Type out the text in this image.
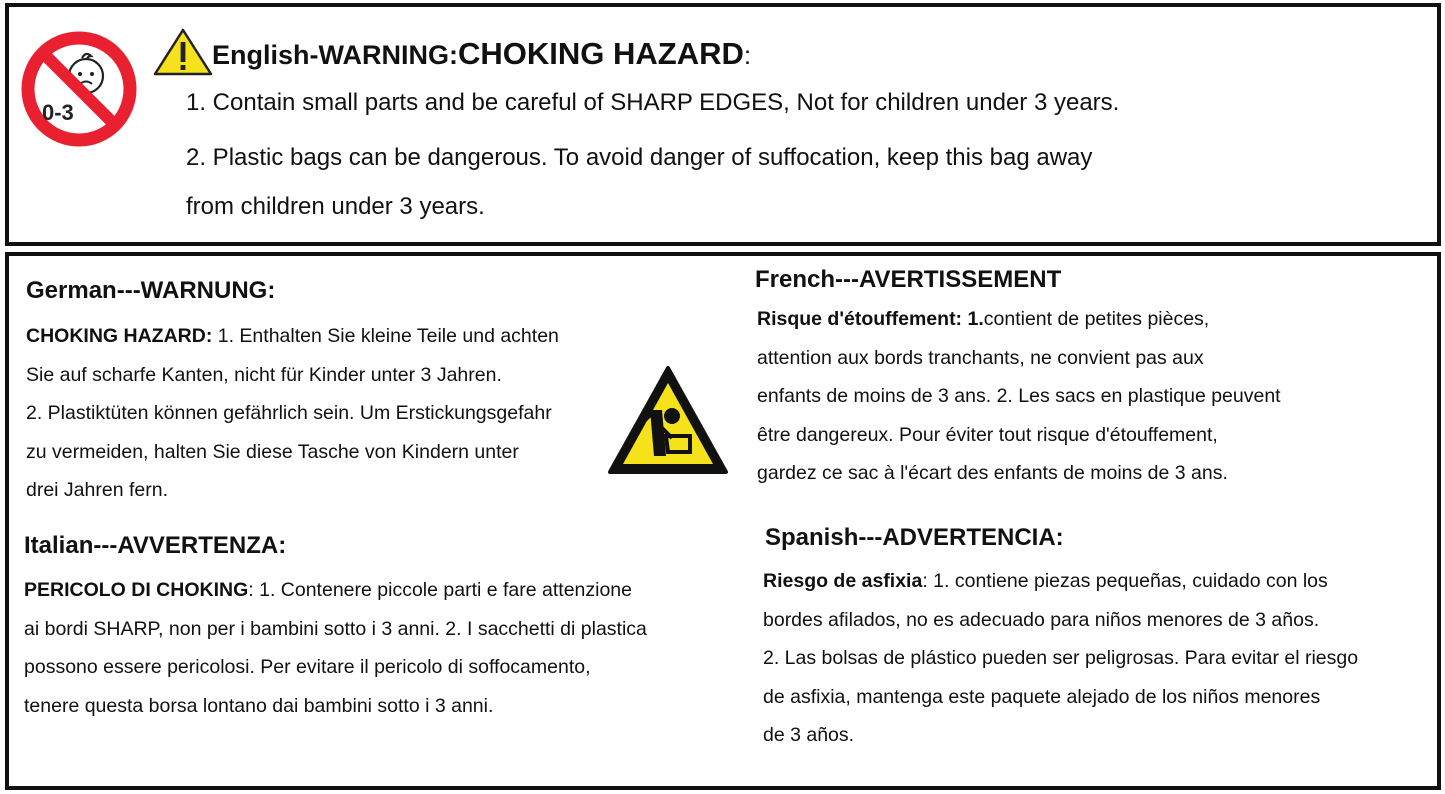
0-3
English-WARNING:CHOKING HAZARD:
1. Contain small parts and be careful of SHARP EDGES, Not for children under 3 years.
2. Plastic bags can be dangerous. To avoid danger of suffocation, keep this bag away
from children under 3 years.
German---WARNUNG:
CHOKING HAZARD: 1. Enthalten Sie kleine Teile und achten
Sie auf scharfe Kanten, nicht für Kinder unter 3 Jahren.
2. Plastiktüten können gefährlich sein. Um Erstickungsgefahr
zu vermeiden, halten Sie diese Tasche von Kindern unter
drei Jahren fern.
Italian---AVVERTENZA:
PERICOLO DI CHOKING: 1. Contenere piccole parti e fare attenzione
ai bordi SHARP, non per i bambini sotto i 3 anni. 2. I sacchetti di plastica
possono essere pericolosi. Per evitare il pericolo di soffocamento,
tenere questa borsa lontano dai bambini sotto i 3 anni.
French---AVERTISSEMENT
Risque d'étouffement: 1.contient de petites pièces,
attention aux bords tranchants, ne convient pas aux
enfants de moins de 3 ans. 2. Les sacs en plastique peuvent
être dangereux. Pour éviter tout risque d'étouffement,
gardez ce sac à l'écart des enfants de moins de 3 ans.
Spanish---ADVERTENCIA:
Riesgo de asfixia: 1. contiene piezas pequeñas, cuidado con los
bordes afilados, no es adecuado para niños menores de 3 años.
2. Las bolsas de plástico pueden ser peligrosas. Para evitar el riesgo
de asfixia, mantenga este paquete alejado de los niños menores
de 3 años.
